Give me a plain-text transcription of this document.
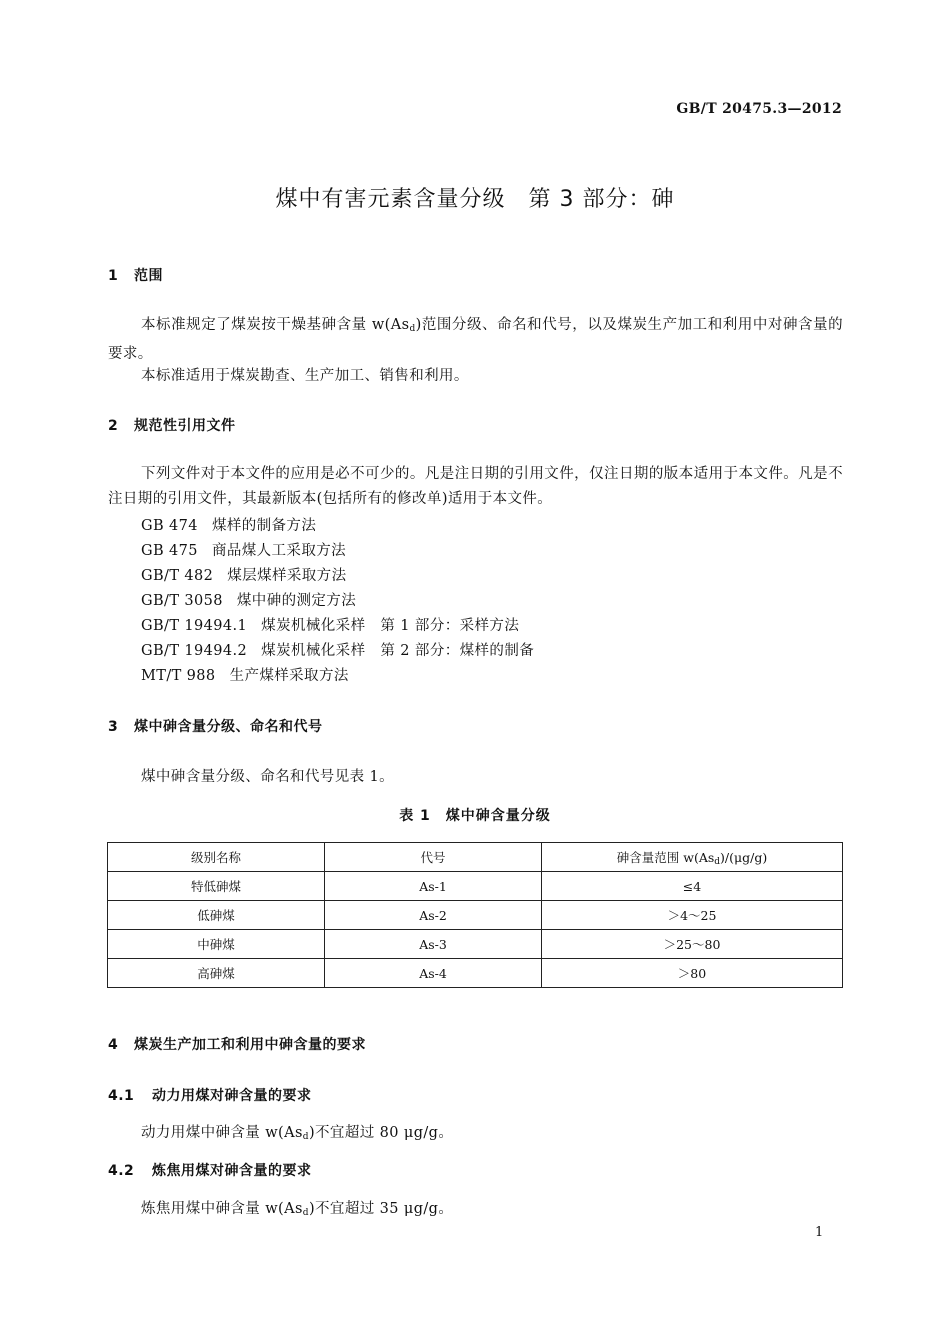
GB/T 20475.3—2012
煤中有害元素含量分级　第 3 部分：砷
1 范围
本标准规定了煤炭按干燥基砷含量 $w(As_d)$范围分级、命名和代号，以及煤炭生产加工和利用中对砷含量的要求。
本标准适用于煤炭勘查、生产加工、销售和利用。
2 规范性引用文件
下列文件对于本文件的应用是必不可少的。凡是注日期的引用文件，仅注日期的版本适用于本文件。凡是不注日期的引用文件，其最新版本(包括所有的修改单)适用于本文件。
GB 474 煤样的制备方法
GB 475 商品煤人工采取方法
GB/T 482 煤层煤样采取方法
GB/T 3058 煤中砷的测定方法
GB/T 19494.1 煤炭机械化采样　第 1 部分：采样方法
GB/T 19494.2 煤炭机械化采样　第 2 部分：煤样的制备
MT/T 988 生产煤样采取方法
3 煤中砷含量分级、命名和代号
煤中砷含量分级、命名和代号见表 1。
表 1　煤中砷含量分级
级别名称	代号	砷含量范围 $w(As_d)/(\mu g/g)$
特低砷煤	As-1	≤4
低砷煤	As-2	＞4～25
中砷煤	As-3	＞25～80
高砷煤	As-4	＞80
4 煤炭生产加工和利用中砷含量的要求
4.1 动力用煤对砷含量的要求
动力用煤中砷含量 $w(As_d)$不宜超过 80 μg/g。
4.2 炼焦用煤对砷含量的要求
炼焦用煤中砷含量 $w(As_d)$不宜超过 35 μg/g。
1
